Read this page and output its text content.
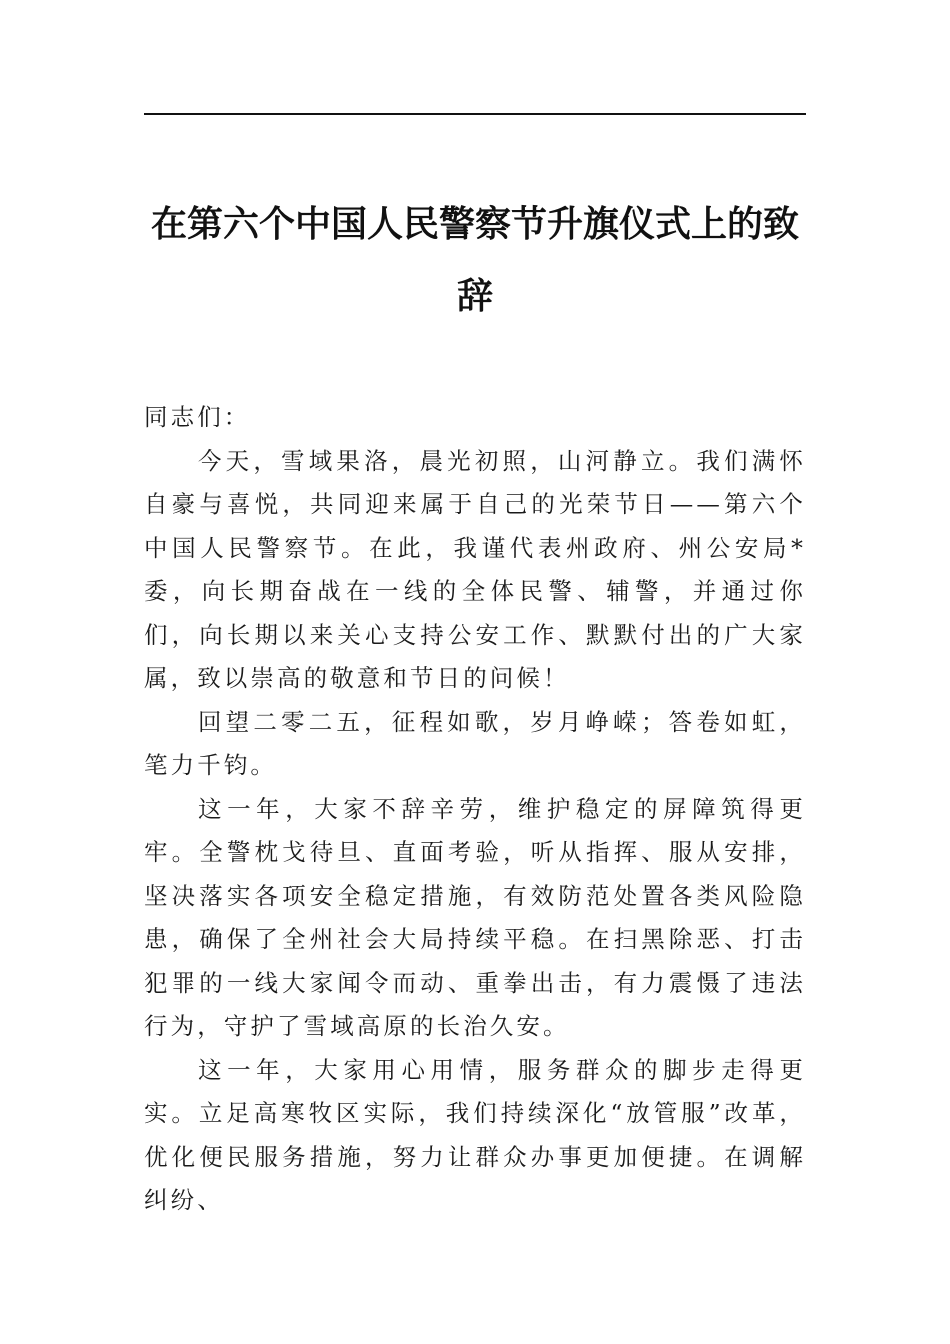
在第六个中国人民警察节升旗仪式上的致辞

同志们：

今天，雪域果洛，晨光初照，山河静立。我们满怀自豪与喜悦，共同迎来属于自己的光荣节日——第六个中国人民警察节。在此，我谨代表州政府、州公安局*委，向长期奋战在一线的全体民警、辅警，并通过你们，向长期以来关心支持公安工作、默默付出的广大家属，致以崇高的敬意和节日的问候！

回望二零二五，征程如歌，岁月峥嵘；答卷如虹，笔力千钧。

这一年，大家不辞辛劳，维护稳定的屏障筑得更牢。全警枕戈待旦、直面考验，听从指挥、服从安排，坚决落实各项安全稳定措施，有效防范处置各类风险隐患，确保了全州社会大局持续平稳。在扫黑除恶、打击犯罪的一线大家闻令而动、重拳出击，有力震慑了违法行为，守护了雪域高原的长治久安。

这一年，大家用心用情，服务群众的脚步走得更实。立足高寒牧区实际，我们持续深化“放管服”改革，优化便民服务措施，努力让群众办事更加便捷。在调解纠纷、
